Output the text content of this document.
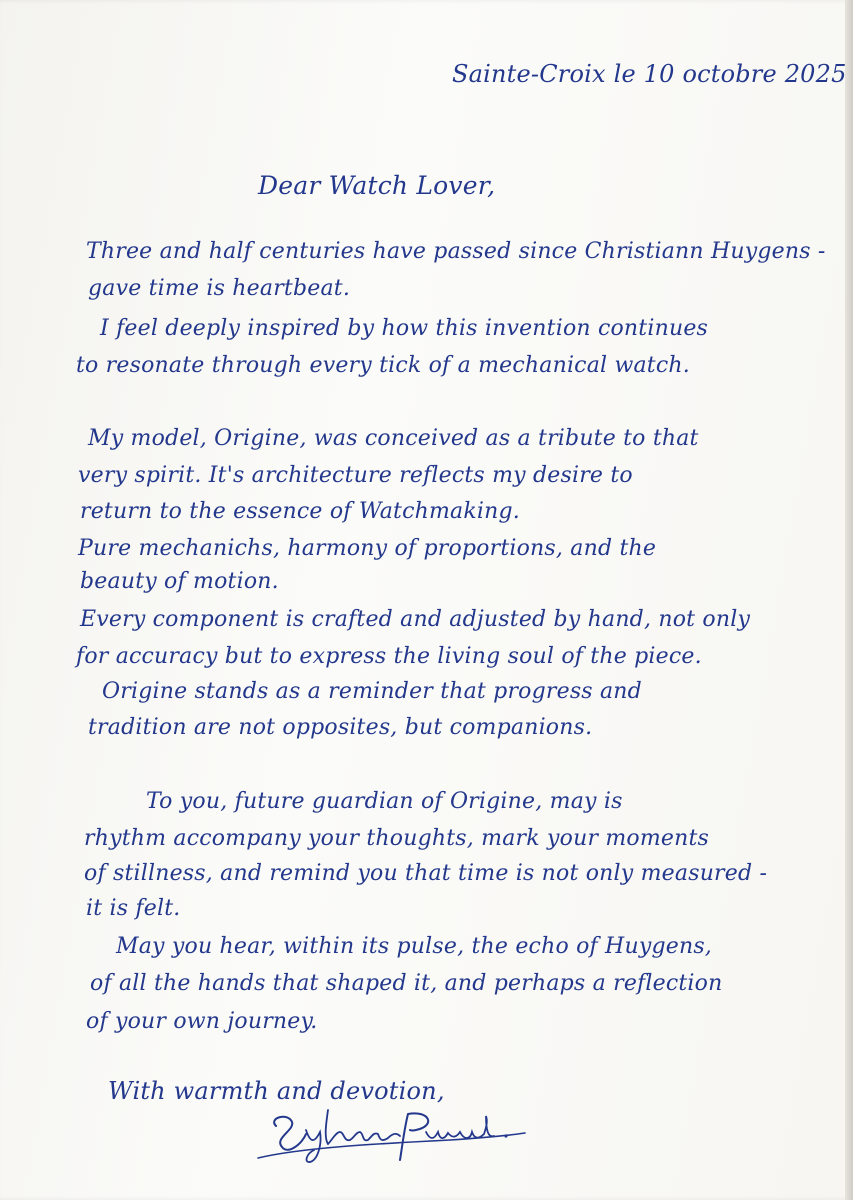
Sainte-Croix le 10 octobre 2025

Dear Watch Lover,

Three and half centuries have passed since Christiann Huygens -

gave time is heartbeat.

I feel deeply inspired by how this invention continues

to resonate through every tick of a mechanical watch.

My model, Origine, was conceived as a tribute to that

very spirit. It's architecture reflects my desire to

return to the essence of Watchmaking.

Pure mechanichs, harmony of proportions, and the

beauty of motion.

Every component is crafted and adjusted by hand, not only

for accuracy but to express the living soul of the piece.

Origine stands as a reminder that progress and

tradition are not opposites, but companions.

To you, future guardian of Origine, may is

rhythm accompany your thoughts, mark your moments

of stillness, and remind you that time is not only measured -

it is felt.

May you hear, within its pulse, the echo of Huygens,

of all the hands that shaped it, and perhaps a reflection

of your own journey.

With warmth and devotion,
